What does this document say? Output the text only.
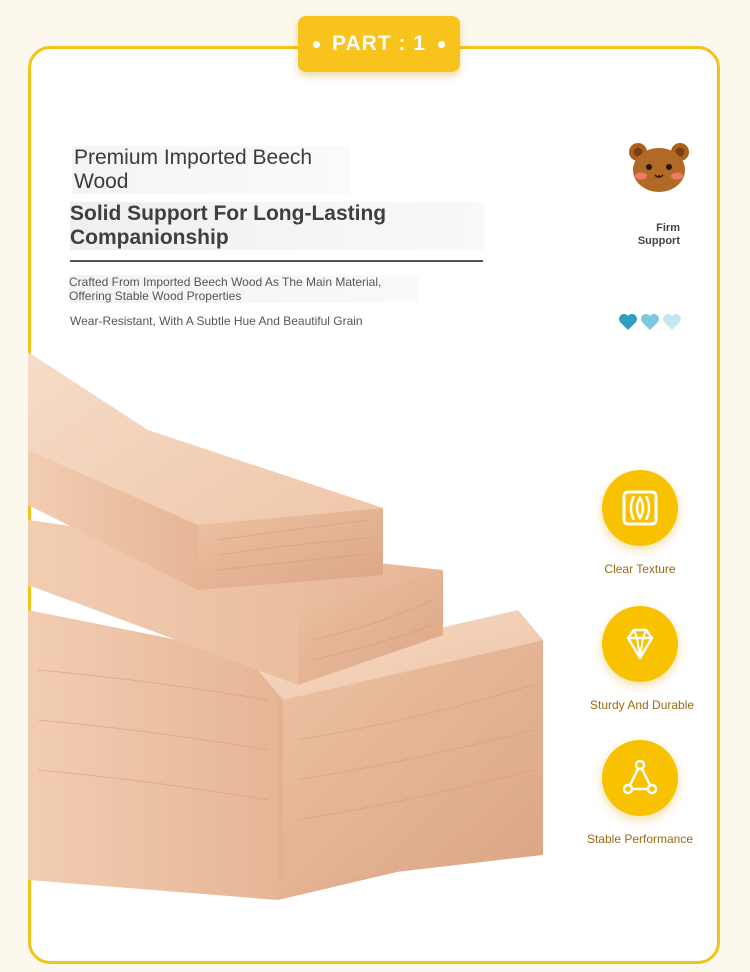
PART : 1
Premium Imported Beech Wood
Solid Support For Long-Lasting Companionship
Crafted From Imported Beech Wood As The Main Material, Offering Stable Wood Properties
Wear-Resistant, With A Subtle Hue And Beautiful Grain
Firm Support
Clear Texture
Sturdy And Durable
Stable Performance
